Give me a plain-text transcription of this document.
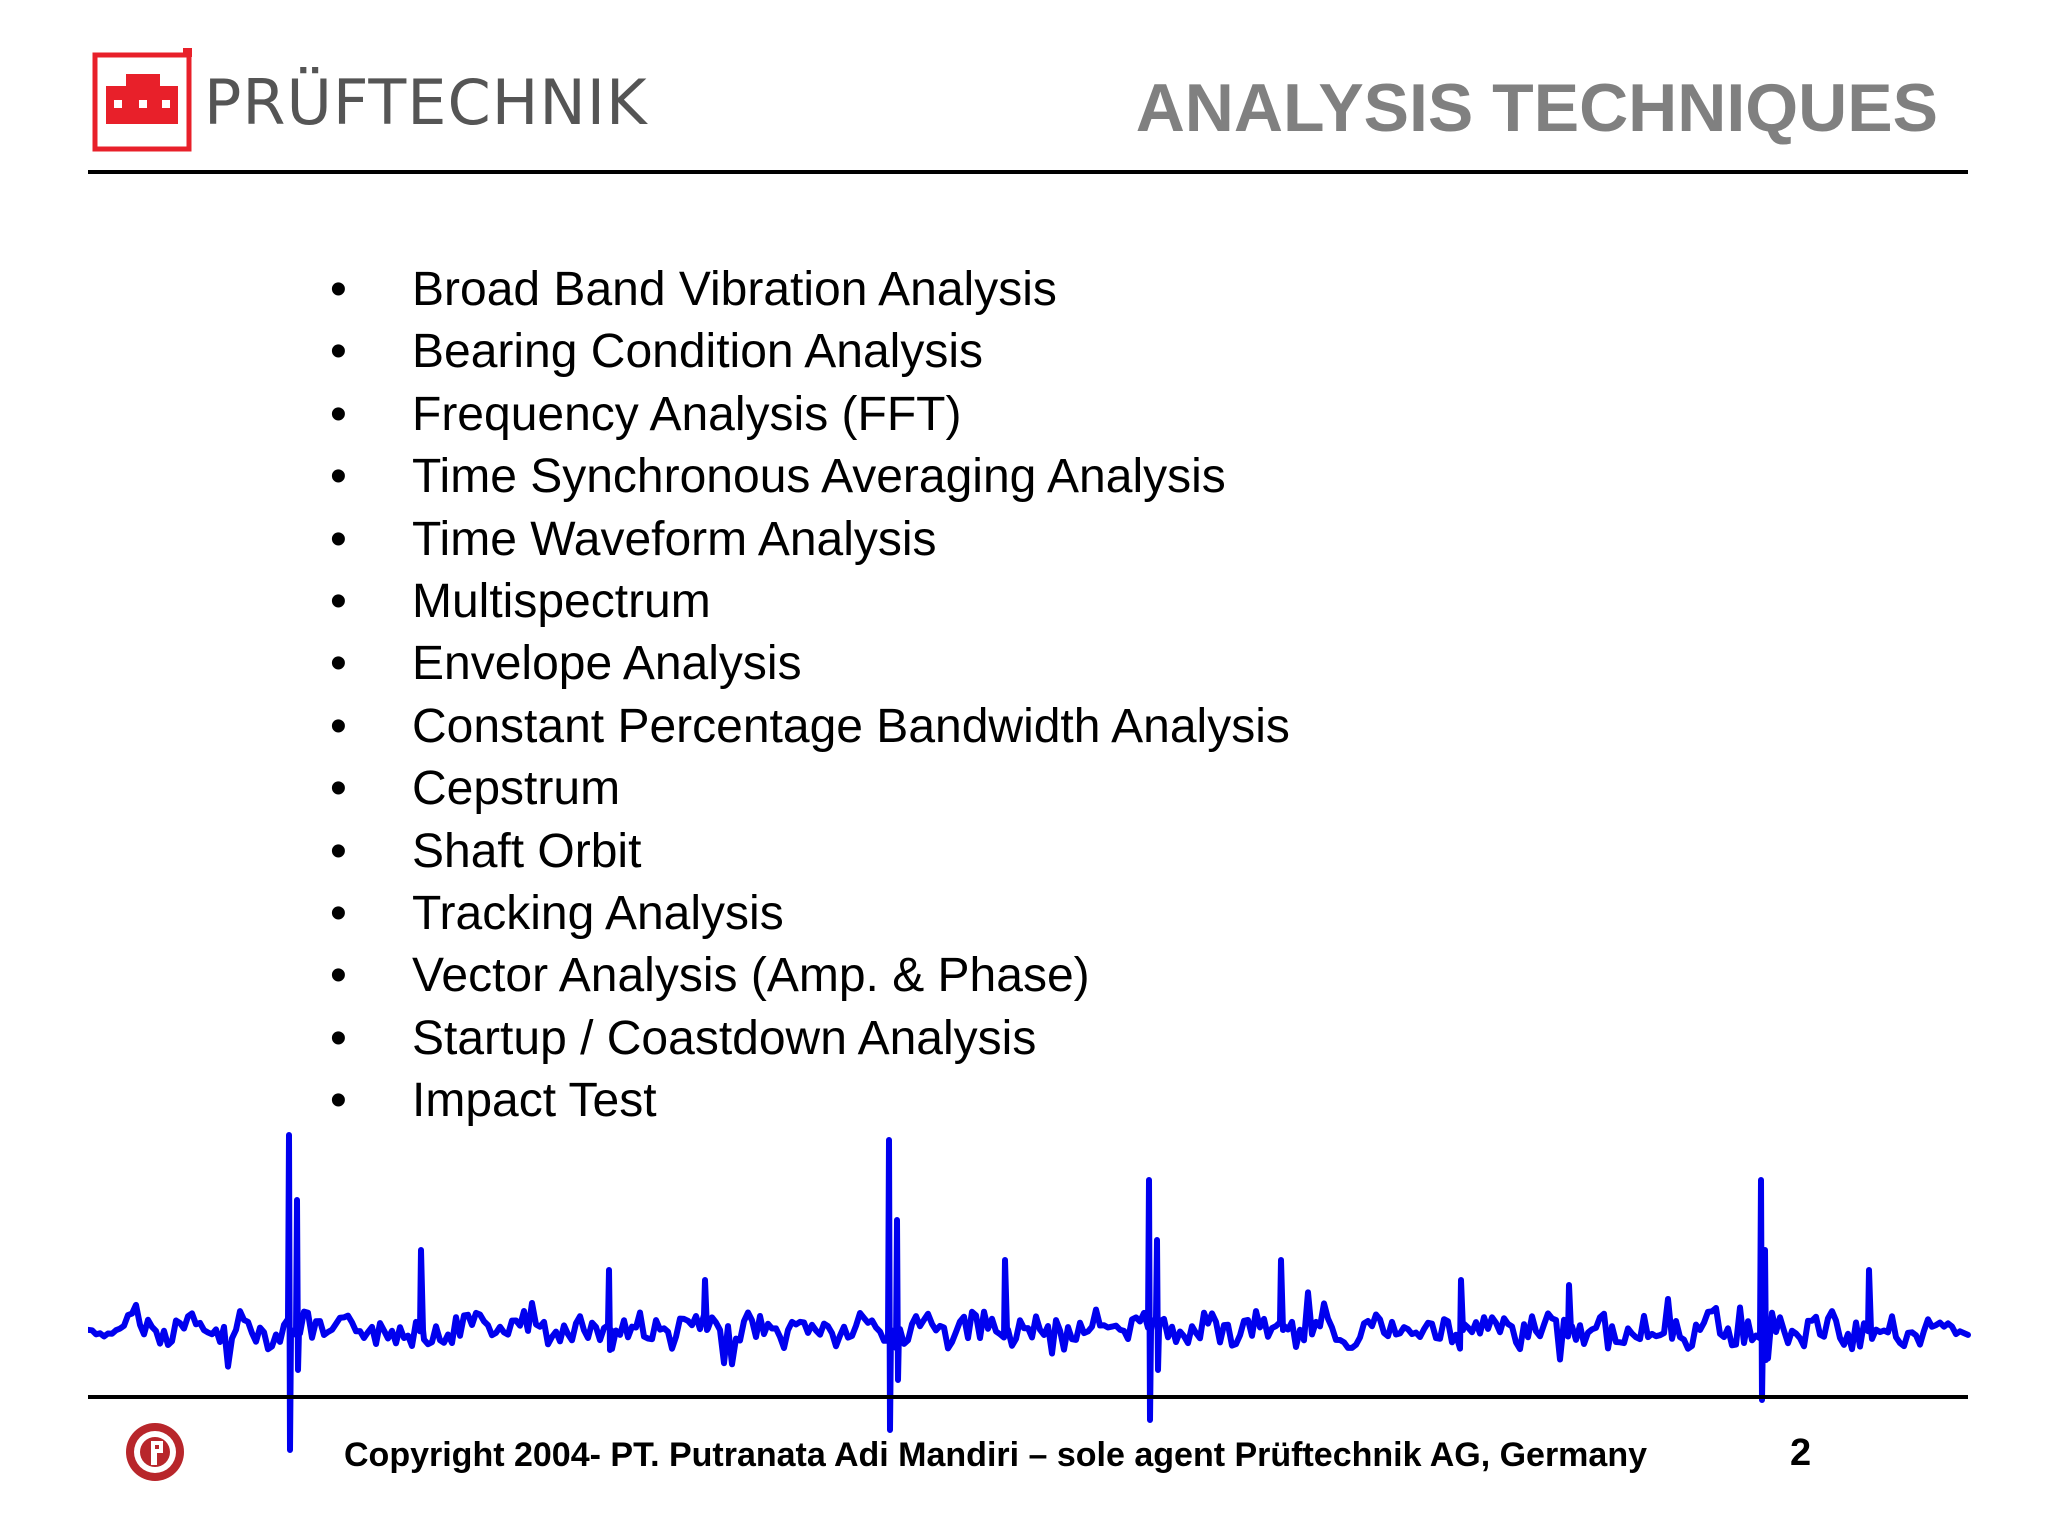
PRÜFTECHNIK	ANALYSIS TECHNIQUES
•	Broad Band Vibration Analysis
•	Bearing Condition Analysis
•	Frequency Analysis (FFT)
•	Time Synchronous Averaging Analysis
•	Time Waveform Analysis
•	Multispectrum
•	Envelope Analysis
•	Constant Percentage Bandwidth Analysis
•	Cepstrum
•	Shaft Orbit
•	Tracking Analysis
•	Vector Analysis (Amp. & Phase)
•	Startup / Coastdown Analysis
•	Impact Test
Copyright 2004- PT. Putranata Adi Mandiri – sole agent Prüftechnik AG, Germany	2
